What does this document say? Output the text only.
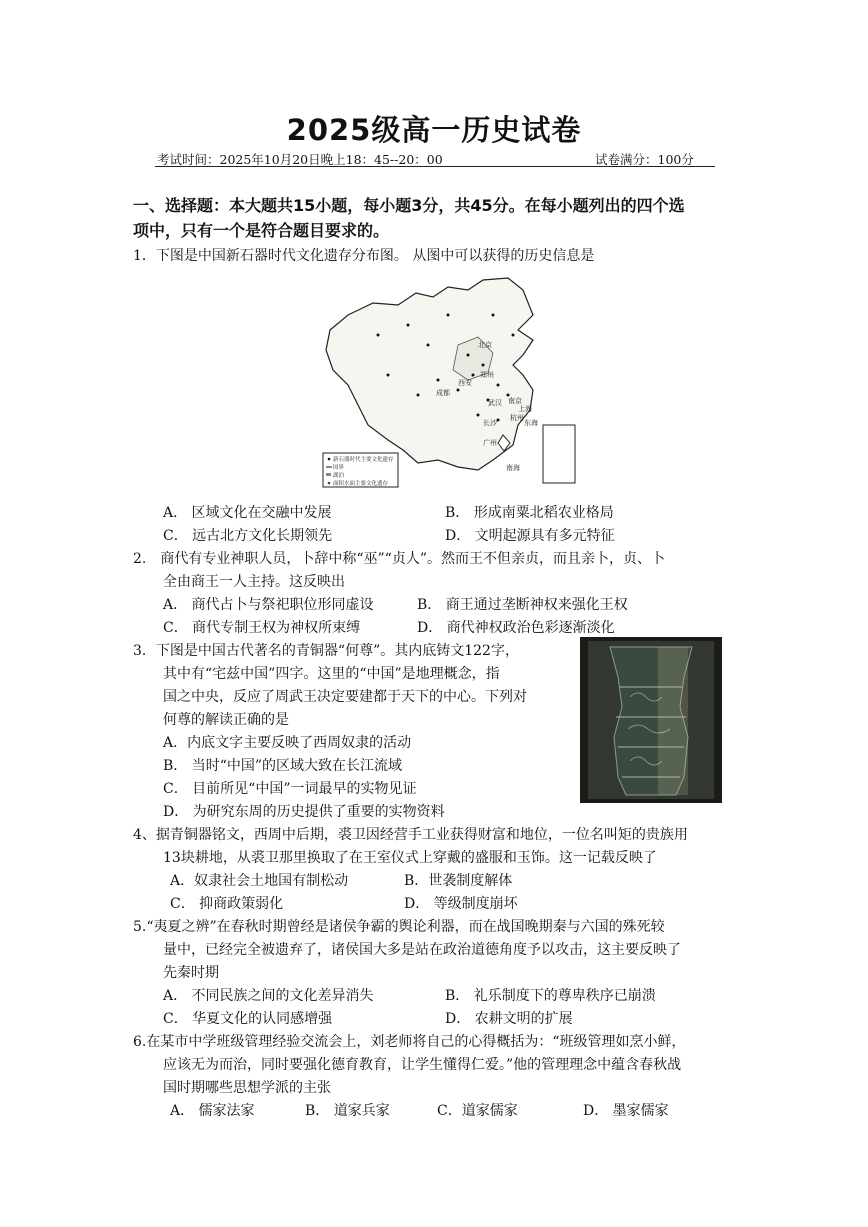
2025级高一历史试卷
考试时间：2025年10月20日晚上18：45--20：00	试卷满分：100分
一、选择题：本大题共15小题，每小题3分，共45分。在每小题列出的四个选
项中，只有一个是符合题目要求的。
1．下图是中国新石器时代文化遗存分布图。 从图中可以获得的历史信息是
北京
郑州
西安
南京
上海
杭州
武汉
长沙
广州
成都
南海
东海
新石器时代主要文化遗存
国界
湖泊
面积水面主要文化遗存
A． 区域文化在交融中发展	B． 形成南粟北稻农业格局
C． 远古北方文化长期领先	D． 文明起源具有多元特征
2.　商代有专业神职人员，卜辞中称“巫”“贞人”。然而王不但亲贞，而且亲卜，贞、卜
全由商王一人主持。这反映出
A． 商代占卜与祭祀职位形同虚设	B． 商王通过垄断神权来强化王权
C． 商代专制王权为神权所束缚	D． 商代神权政治色彩逐渐淡化
3．下图是中国古代著名的青铜器“何尊”。其内底铸文122字，
其中有“宅兹中国”四字。这里的“中国”是地理概念，指
国之中央，反应了周武王决定要建都于天下的中心。下列对
何尊的解读正确的是
A．内底文字主要反映了西周奴隶的活动
B． 当时“中国”的区域大致在长江流域
C． 目前所见“中国”一词最早的实物见证
D． 为研究东周的历史提供了重要的实物资料
4、据青铜器铭文，西周中后期，裘卫因经营手工业获得财富和地位，一位名叫矩的贵族用
13块耕地，从裘卫那里换取了在王室仪式上穿戴的盛服和玉饰。这一记载反映了
A．奴隶社会土地国有制松动	B．世袭制度解体
C． 抑商政策弱化	D． 等级制度崩坏
5.“夷夏之辨”在春秋时期曾经是诸侯争霸的舆论利器，而在战国晚期秦与六国的殊死较
量中，已经完全被遗弃了，诸侯国大多是站在政治道德角度予以攻击，这主要反映了
先秦时期
A． 不同民族之间的文化差异消失	B． 礼乐制度下的尊卑秩序已崩溃
C． 华夏文化的认同感增强	D． 农耕文明的扩展
6.在某市中学班级管理经验交流会上，刘老师将自己的心得概括为：“班级管理如烹小鲜，
应该无为而治，同时要强化德育教育，让学生懂得仁爱。”他的管理理念中蕴含春秋战
国时期哪些思想学派的主张
A． 儒家法家	B． 道家兵家	C．道家儒家	D． 墨家儒家
